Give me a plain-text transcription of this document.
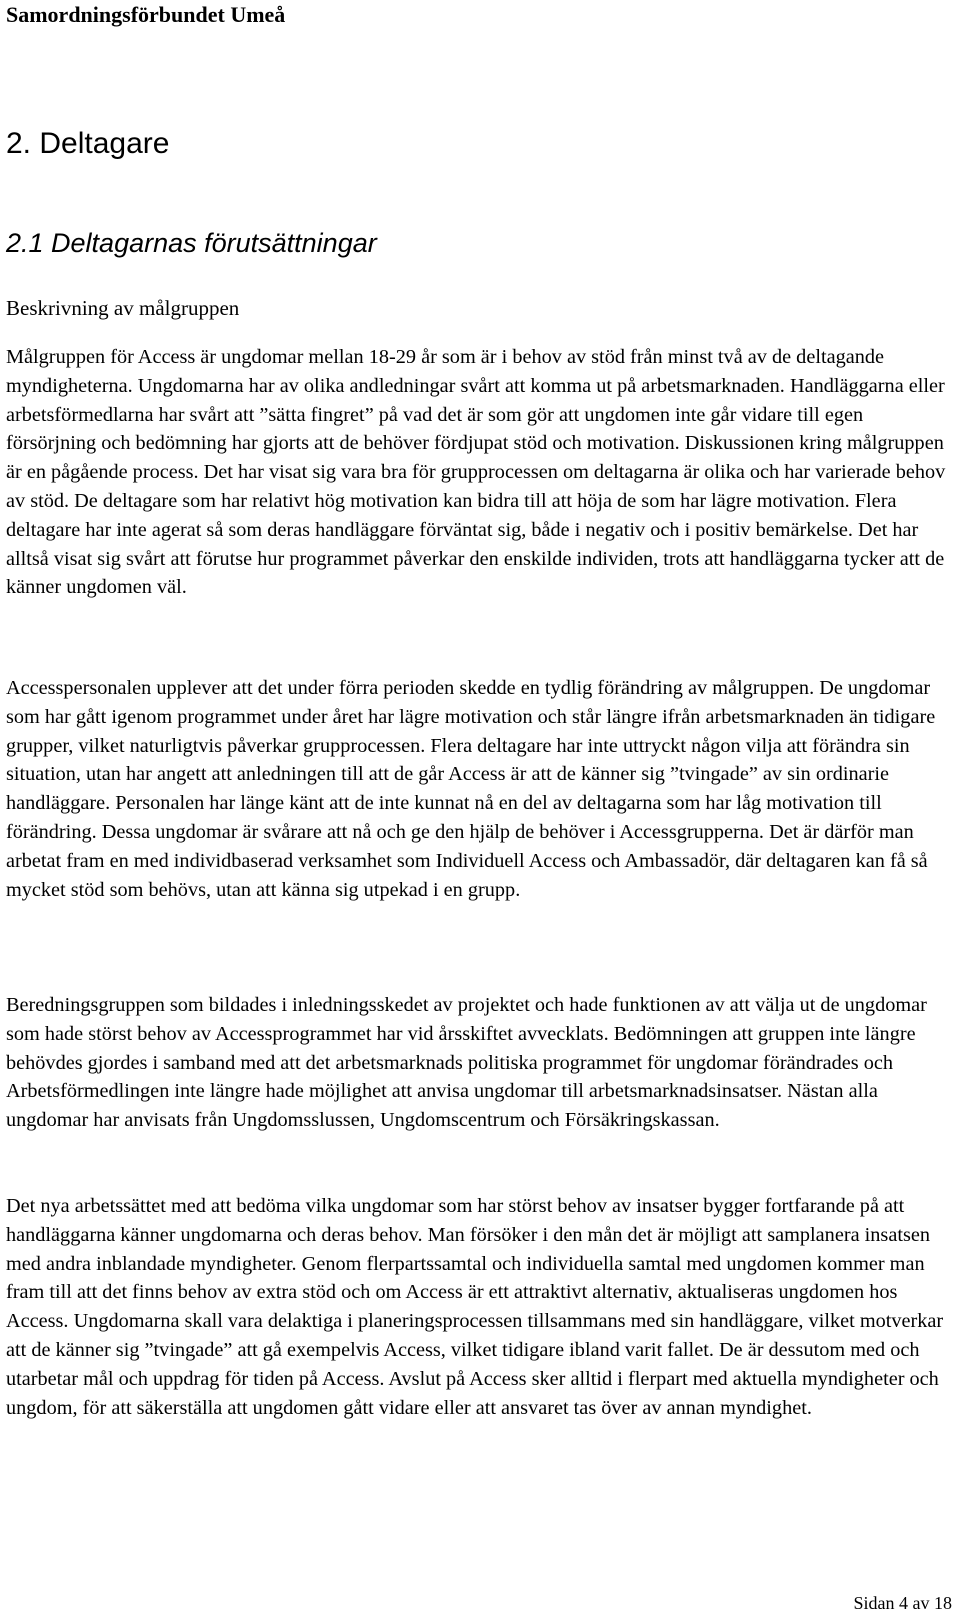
Samordningsförbundet Umeå
2. Deltagare
2.1 Deltagarnas förutsättningar

Beskrivning av målgruppen

Målgruppen för Access är ungdomar mellan 18-29 år som är i behov av stöd från minst två av de deltagande myndigheterna. Ungdomarna har av olika andledningar svårt att komma ut på arbetsmarknaden. Handläggarna eller arbetsförmedlarna har svårt att ”sätta fingret” på vad det är som gör att ungdomen inte går vidare till egen försörjning och bedömning har gjorts att de behöver fördjupat stöd och motivation. Diskussionen kring målgruppen är en pågående process. Det har visat sig vara bra för grupprocessen om deltagarna är olika och har varierade behov av stöd. De deltagare som har relativt hög motivation kan bidra till att höja de som har lägre motivation. Flera deltagare har inte agerat så som deras handläggare förväntat sig, både i negativ och i positiv bemärkelse. Det har alltså visat sig svårt att förutse hur programmet påverkar den enskilde individen, trots att handläggarna tycker att de känner ungdomen väl.

Accesspersonalen upplever att det under förra perioden skedde en tydlig förändring av målgruppen. De ungdomar som har gått igenom programmet under året har lägre motivation och står längre ifrån arbetsmarknaden än tidigare grupper, vilket naturligtvis påverkar grupprocessen. Flera deltagare har inte uttryckt någon vilja att förändra sin situation, utan har angett att anledningen till att de går Access är att de känner sig ”tvingade” av sin ordinarie handläggare. Personalen har länge känt att de inte kunnat nå en del av deltagarna som har låg motivation till förändring. Dessa ungdomar är svårare att nå och ge den hjälp de behöver i Accessgrupperna. Det är därför man arbetat fram en med individbaserad verksamhet som Individuell Access och Ambassadör, där deltagaren kan få så mycket stöd som behövs, utan att känna sig utpekad i en grupp.

Beredningsgruppen som bildades i inledningsskedet av projektet och hade funktionen av att välja ut de ungdomar som hade störst behov av Accessprogrammet har vid årsskiftet avvecklats. Bedömningen att gruppen inte längre behövdes gjordes i samband med att det arbetsmarknads politiska programmet för ungdomar förändrades och Arbetsförmedlingen inte längre hade möjlighet att anvisa ungdomar till arbetsmarknadsinsatser. Nästan alla ungdomar har anvisats från Ungdomsslussen, Ungdomscentrum och Försäkringskassan.

Det nya arbetssättet med att bedöma vilka ungdomar som har störst behov av insatser bygger fortfarande på att handläggarna känner ungdomarna och deras behov. Man försöker i den mån det är möjligt att samplanera insatsen med andra inblandade myndigheter. Genom flerpartssamtal och individuella samtal med ungdomen kommer man fram till att det finns behov av extra stöd och om Access är ett attraktivt alternativ, aktualiseras ungdomen hos Access. Ungdomarna skall vara delaktiga i planeringsprocessen tillsammans med sin handläggare, vilket motverkar att de känner sig ”tvingade” att gå exempelvis Access, vilket tidigare ibland varit fallet. De är dessutom med och utarbetar mål och uppdrag för tiden på Access. Avslut på Access sker alltid i flerpart med aktuella myndigheter och ungdom, för att säkerställa att ungdomen gått vidare eller att ansvaret tas över av annan myndighet.

Sidan 4 av 18
